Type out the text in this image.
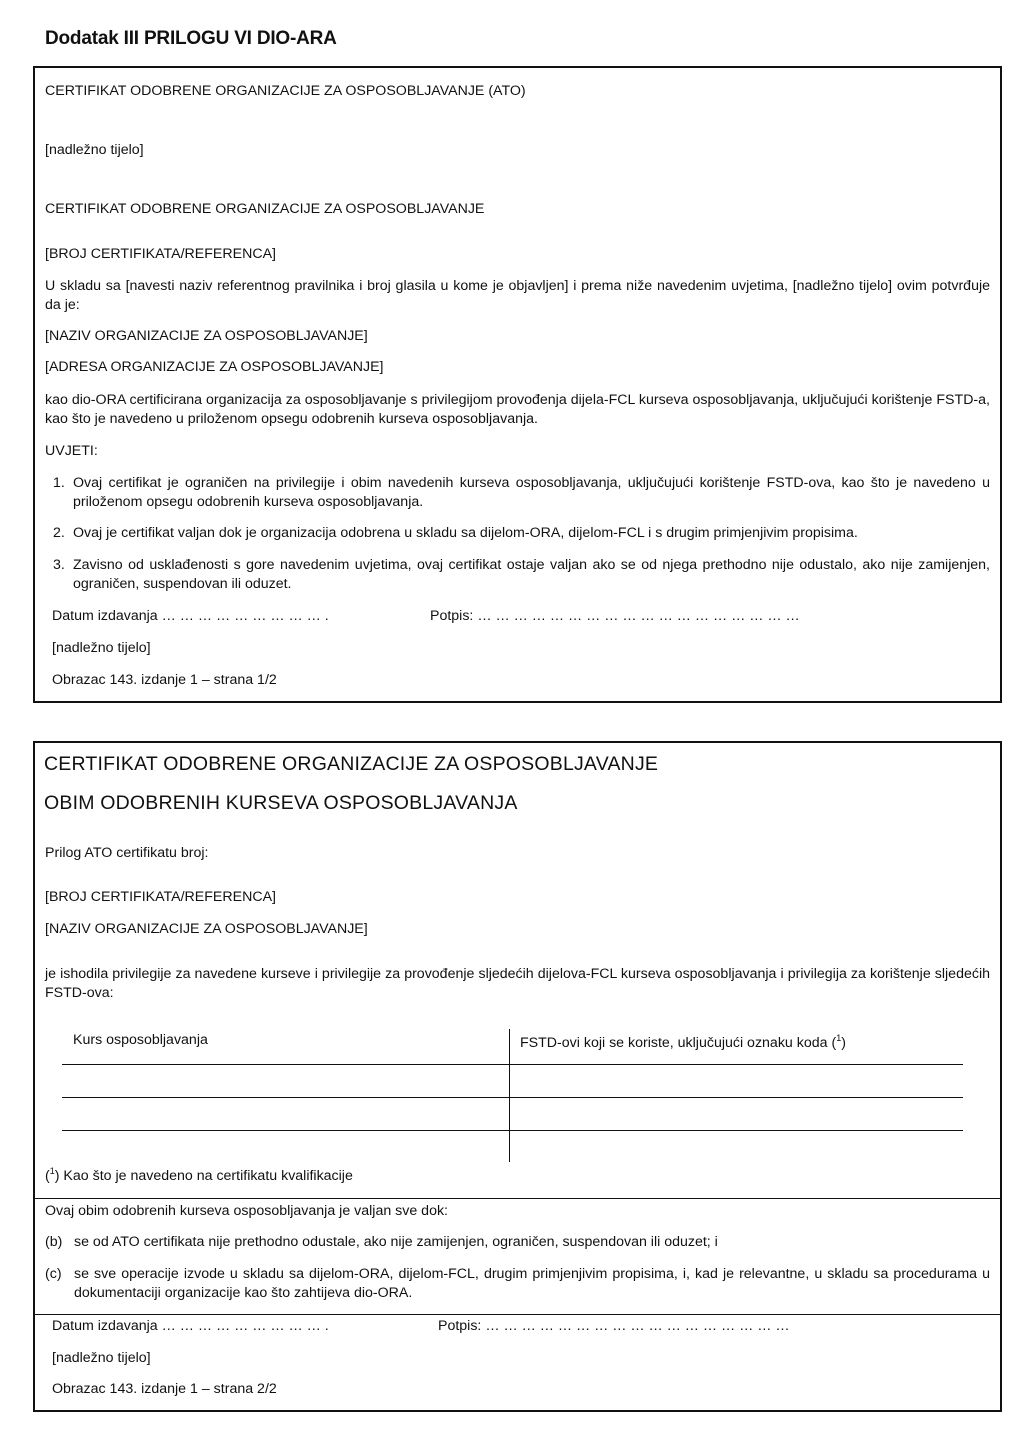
Dodatak III PRILOGU VI DIO-ARA
CERTIFIKAT ODOBRENE ORGANIZACIJE ZA OSPOSOBLJAVANJE (ATO)
[nadležno tijelo]
CERTIFIKAT ODOBRENE ORGANIZACIJE ZA OSPOSOBLJAVANJE
[BROJ CERTIFIKATA/REFERENCA]
U skladu sa [navesti naziv referentnog pravilnika i broj glasila u kome je objavljen] i prema niže navedenim uvjetima, [nadležno tijelo] ovim potvrđuje da je:
[NAZIV ORGANIZACIJE ZA OSPOSOBLJAVANJE]
[ADRESA ORGANIZACIJE ZA OSPOSOBLJAVANJE]
kao dio-ORA certificirana organizacija za osposobljavanje s privilegijom provođenja dijela-FCL kurseva osposobljavanja, uključujući korištenje FSTD-a, kao što je navedeno u priloženom opsegu odobrenih kurseva osposobljavanja.
UVJETI:
1. Ovaj certifikat je ograničen na privilegije i obim navedenih kurseva osposobljavanja, uključujući korištenje FSTD-ova, kao što je navedeno u priloženom opsegu odobrenih kurseva osposobljavanja.
2. Ovaj je certifikat valjan dok je organizacija odobrena u skladu sa dijelom-ORA, dijelom-FCL i s drugim primjenjivim propisima.
3. Zavisno od usklađenosti s gore navedenim uvjetima, ovaj certifikat ostaje valjan ako se od njega prethodno nije odustalo, ako nije zamijenjen, ograničen, suspendovan ili oduzet.
Datum izdavanja … … … … … … … … … .	Potpis: … … … … … … … … … … … … … … … … … …
[nadležno tijelo]
Obrazac 143. izdanje 1 – strana 1/2
CERTIFIKAT ODOBRENE ORGANIZACIJE ZA OSPOSOBLJAVANJE
OBIM ODOBRENIH KURSEVA OSPOSOBLJAVANJA
Prilog ATO certifikatu broj:
[BROJ CERTIFIKATA/REFERENCA]
[NAZIV ORGANIZACIJE ZA OSPOSOBLJAVANJE]
je ishodila privilegije za navedene kurseve i privilegije za provođenje sljedećih dijelova-FCL kurseva osposobljavanja i privilegija za korištenje sljedećih FSTD-ova:
Kurs osposobljavanja	FSTD-ovi koji se koriste, uključujući oznaku koda ($^1$)
($^1$) Kao što je navedeno na certifikatu kvalifikacije
Ovaj obim odobrenih kurseva osposobljavanja je valjan sve dok:
(b) se od ATO certifikata nije prethodno odustale, ako nije zamijenjen, ograničen, suspendovan ili oduzet; i
(c) se sve operacije izvode u skladu sa dijelom-ORA, dijelom-FCL, drugim primjenjivim propisima, i, kad je relevantne, u skladu sa procedurama u dokumentaciji organizacije kao što zahtijeva dio-ORA.
Datum izdavanja … … … … … … … … … .	Potpis: … … … … … … … … … … … … … … … … …
[nadležno tijelo]
Obrazac 143. izdanje 1 – strana 2/2
